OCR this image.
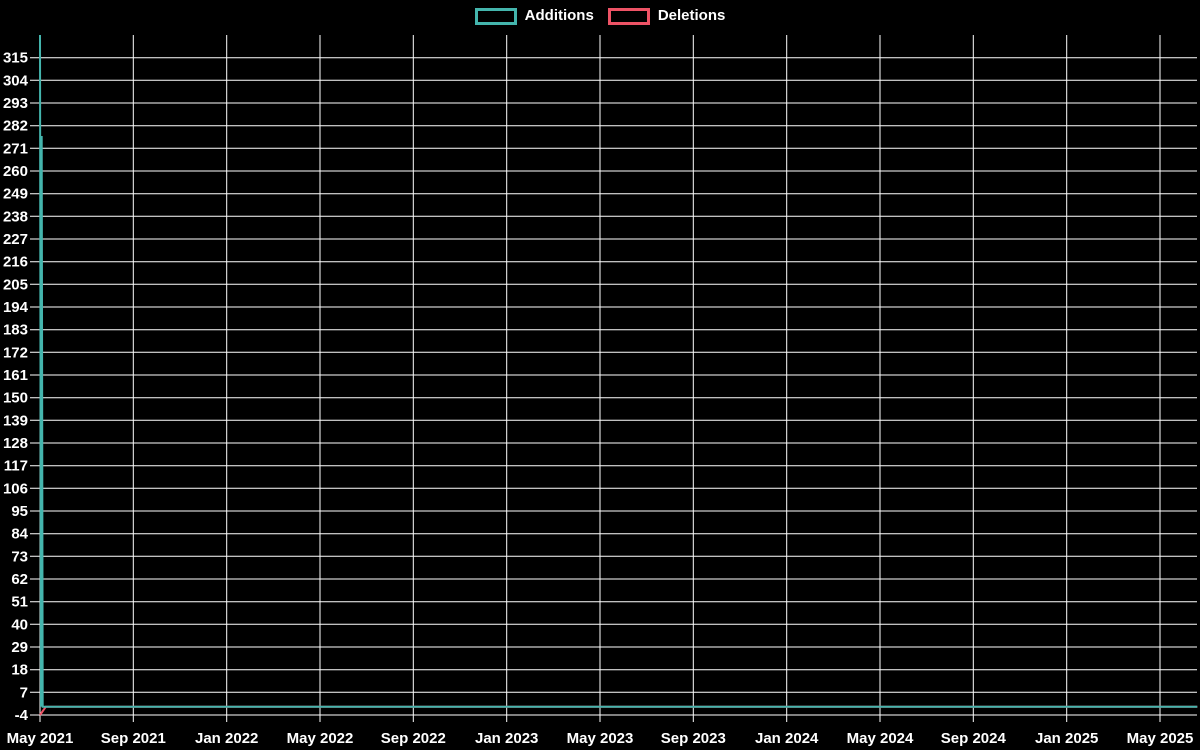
Additions	Deletions
315
304
293
282
271
260
249
238
227
216
205
194
183
172
161
150
139
128
117
106
95
84
73
62
51
40
29
18
7
-4
May 2021 Sep 2021 Jan 2022 May 2022 Sep 2022 Jan 2023 May 2023 Sep 2023 Jan 2024 May 2024 Sep 2024 Jan 2025 May 2025
